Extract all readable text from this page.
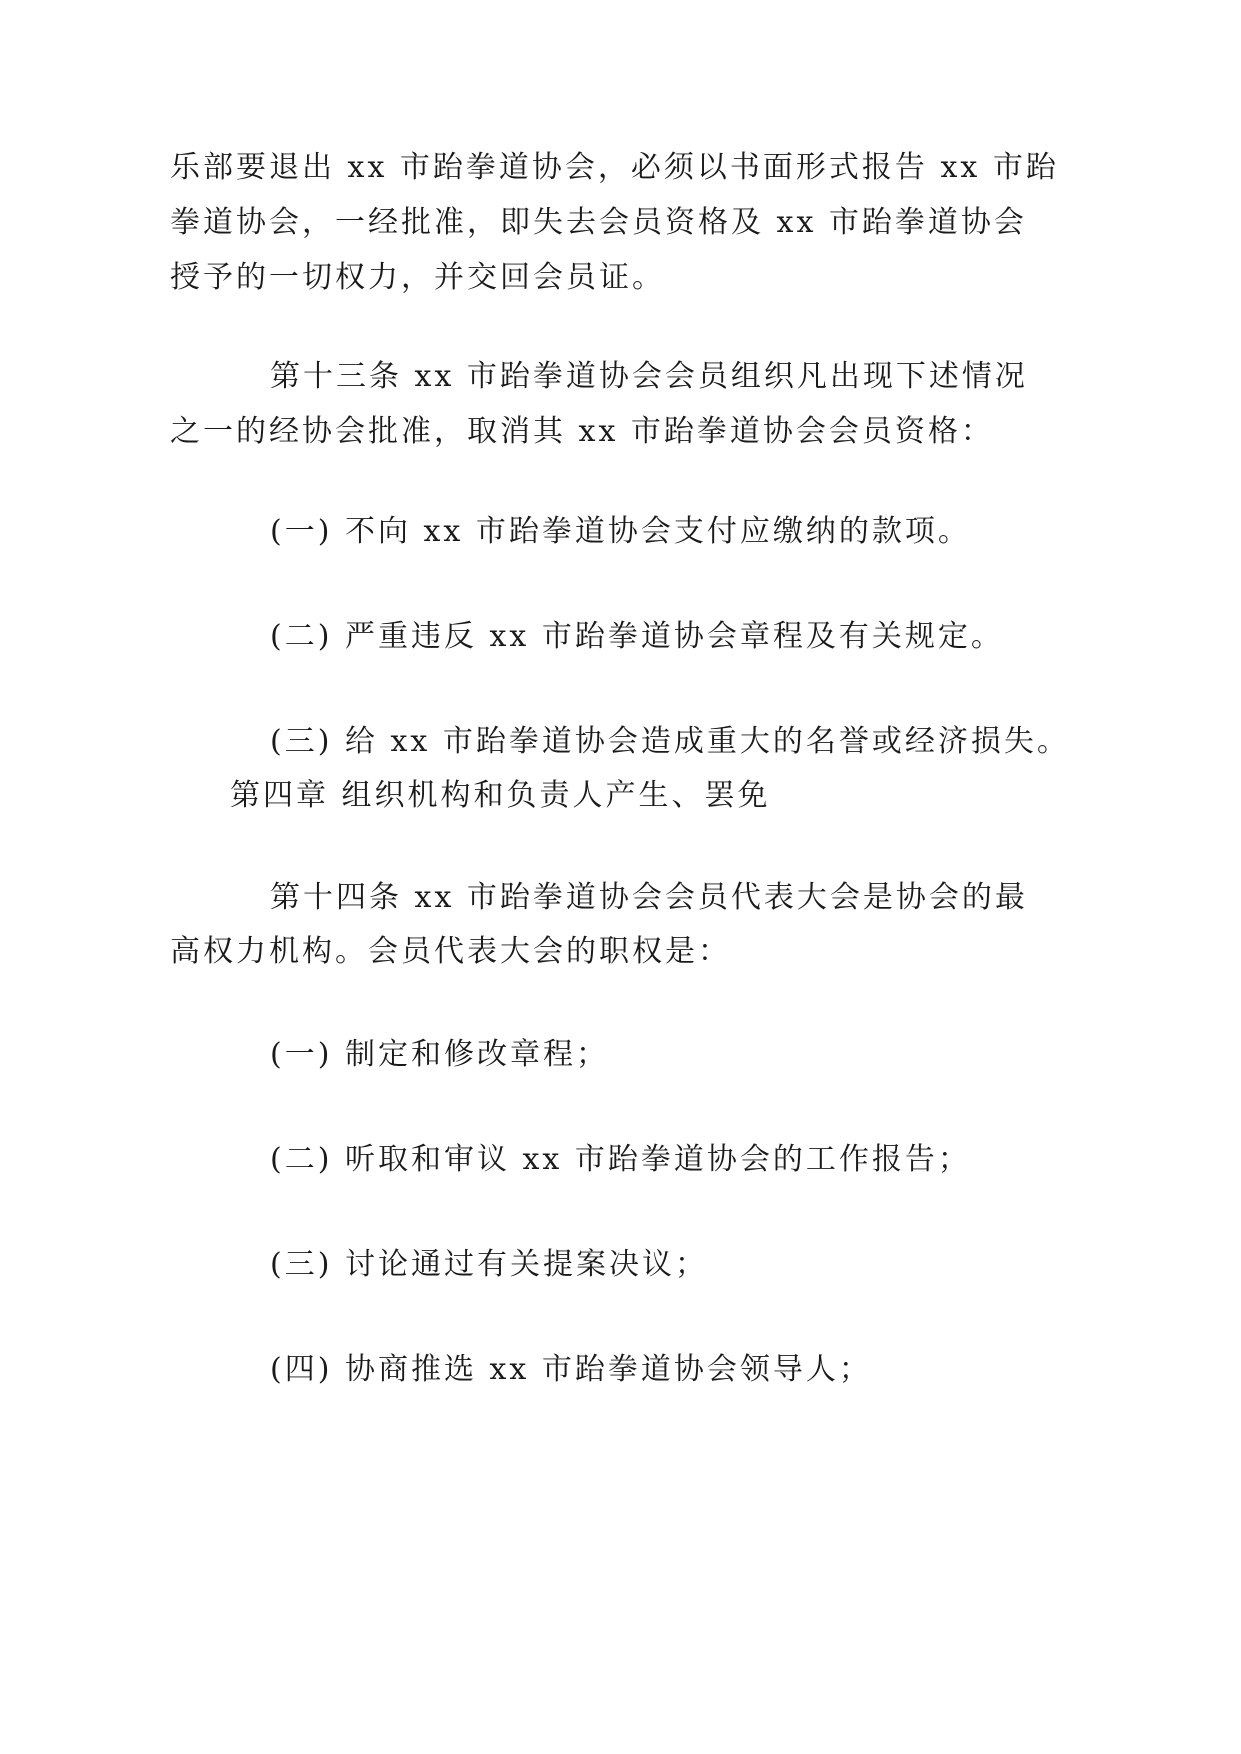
乐部要退出 xx 市跆拳道协会，必须以书面形式报告 xx 市跆
拳道协会，一经批准，即失去会员资格及 xx 市跆拳道协会
授予的一切权力，并交回会员证。
第十三条 xx 市跆拳道协会会员组织凡出现下述情况
之一的经协会批准，取消其 xx 市跆拳道协会会员资格：
(一) 不向 xx 市跆拳道协会支付应缴纳的款项。
(二) 严重违反 xx 市跆拳道协会章程及有关规定。
(三) 给 xx 市跆拳道协会造成重大的名誉或经济损失。
第四章 组织机构和负责人产生、罢免
第十四条 xx 市跆拳道协会会员代表大会是协会的最
高权力机构。会员代表大会的职权是：
(一) 制定和修改章程；
(二) 听取和审议 xx 市跆拳道协会的工作报告；
(三) 讨论通过有关提案决议；
(四) 协商推选 xx 市跆拳道协会领导人；
